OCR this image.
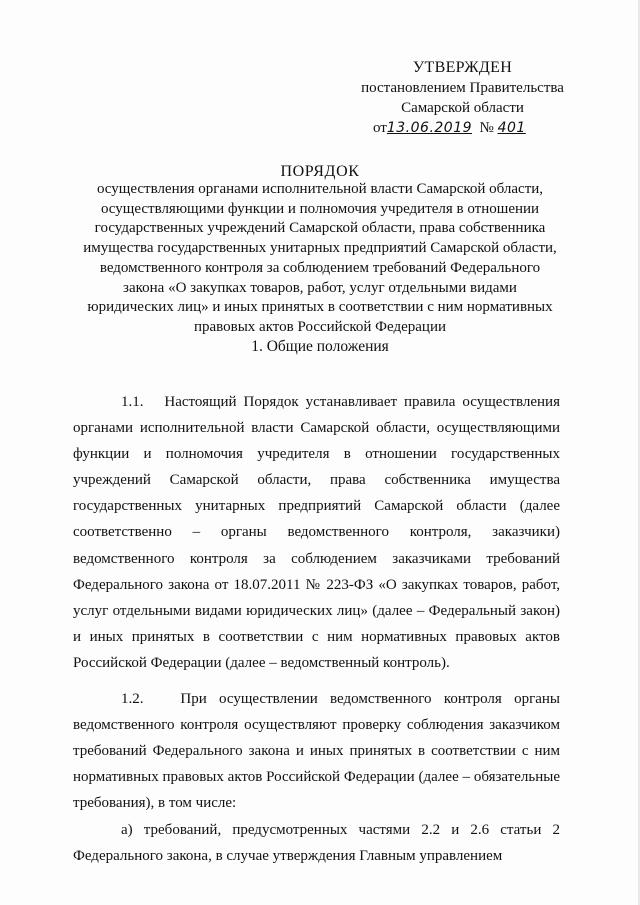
УТВЕРЖДЕН
постановлением Правительства
Самарской области
от13.06.2019 № 401
ПОРЯДОК
осуществления органами исполнительной власти Самарской области,
осуществляющими функции и полномочия учредителя в отношении
государственных учреждений Самарской области, права собственника
имущества государственных унитарных предприятий Самарской области,
ведомственного контроля за соблюдением требований Федерального
закона «О закупках товаров, работ, услуг отдельными видами
юридических лиц» и иных принятых в соответствии с ним нормативных
правовых актов Российской Федерации
1. Общие положения

1.1.   Настоящий Порядок устанавливает правила осуществления органами исполнительной власти Самарской области, осуществляющими функции и полномочия учредителя в отношении государственных учреждений Самарской области, права собственника имущества государственных унитарных предприятий Самарской области (далее соответственно – органы ведомственного контроля, заказчики) ведомственного контроля за соблюдением заказчиками требований Федерального закона от 18.07.2011 № 223-ФЗ «О закупках товаров, работ, услуг отдельными видами юридических лиц» (далее – Федеральный закон) и иных принятых в соответствии с ним нормативных правовых актов Российской Федерации (далее – ведомственный контроль).

1.2.   При осуществлении ведомственного контроля органы ведомственного контроля осуществляют проверку соблюдения заказчиком требований Федерального закона и иных принятых в соответствии с ним нормативных правовых актов Российской Федерации (далее – обязательные требования), в том числе:

а) требований, предусмотренных частями 2.2 и 2.6 статьи 2 Федерального закона, в случае утверждения Главным управлением
